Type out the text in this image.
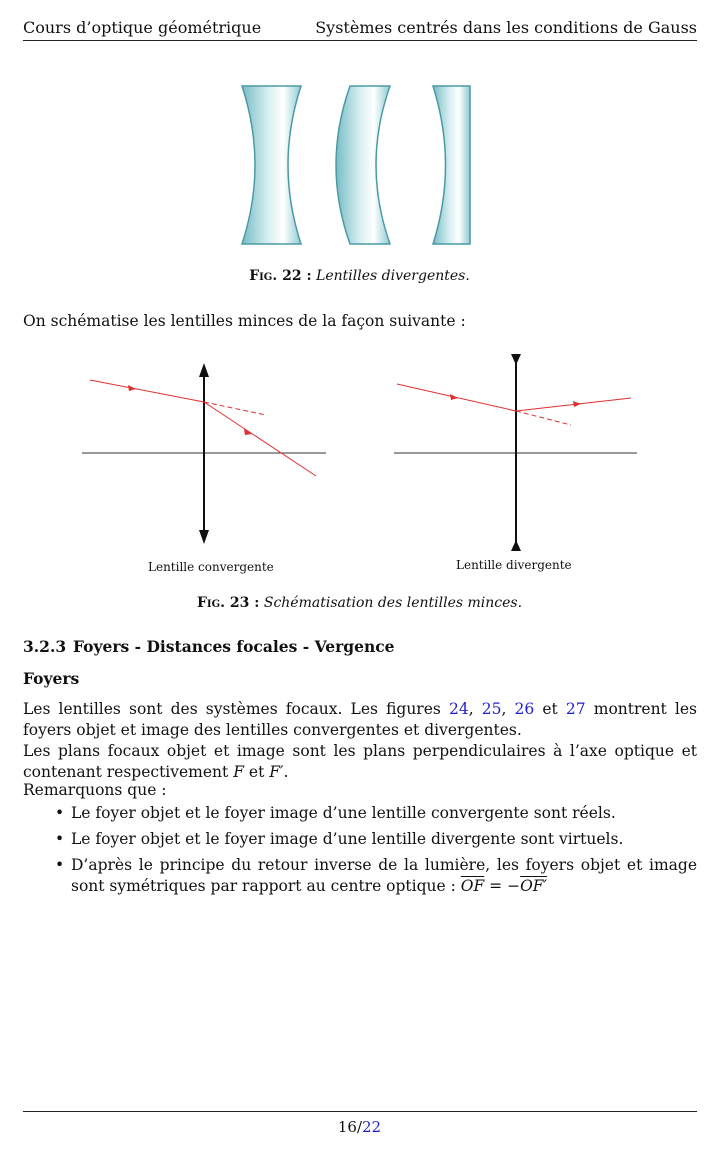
Cours d’optique géométrique	Systèmes centrés dans les conditions de Gauss
Fig. 22 : Lentilles divergentes.
On schématise les lentilles minces de la façon suivante :
Lentille convergente	Lentille divergente
Fig. 23 : Schématisation des lentilles minces.
3.2.3 Foyers - Distances focales - Vergence
Foyers
Les lentilles sont des systèmes focaux. Les figures 24, 25, 26 et 27 montrent les foyers objet et image des lentilles convergentes et divergentes.
Les plans focaux objet et image sont les plans perpendiculaires à l’axe optique et contenant respectivement F et F′.
Remarquons que :
• Le foyer objet et le foyer image d’une lentille convergente sont réels.
• Le foyer objet et le foyer image d’une lentille divergente sont virtuels.
• D’après le principe du retour inverse de la lumière, les foyers objet et image sont symétriques par rapport au centre optique : $\overline{OF} = -OF'$
16/22
